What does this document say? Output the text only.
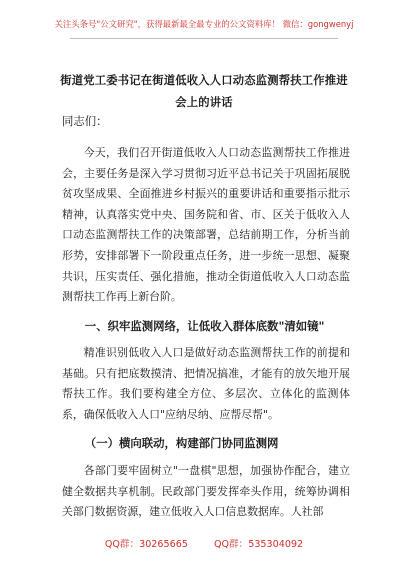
关注头条号"公文研究"，获得最新最全最专业的公文资料库！ 微信：gongwenyj
街道党工委书记在街道低收入人口动态监测帮扶工作推进会上的讲话
同志们：

今天，我们召开街道低收入人口动态监测帮扶工作推进会，主要任务是深入学习贯彻习近平总书记关于巩固拓展脱贫攻坚成果、全面推进乡村振兴的重要讲话和重要指示批示精神，认真落实党中央、国务院和省、市、区关于低收入人口动态监测帮扶工作的决策部署，总结前期工作，分析当前形势，安排部署下一阶段重点任务，进一步统一思想、凝聚共识，压实责任、强化措施，推动全街道低收入人口动态监测帮扶工作再上新台阶。

一、织牢监测网络，让低收入群体底数"清如镜"

精准识别低收入人口是做好动态监测帮扶工作的前提和基础。只有把底数摸清、把情况搞准，才能有的放矢地开展帮扶工作。我们要构建全方位、多层次、立体化的监测体系，确保低收入人口"应纳尽纳、应帮尽帮"。

（一）横向联动，构建部门协同监测网

各部门要牢固树立"一盘棋"思想，加强协作配合，建立健全数据共享机制。民政部门要发挥牵头作用，统筹协调相关部门数据资源，建立低收入人口信息数据库。人社部

QQ群：30265665	QQ群：535304092
